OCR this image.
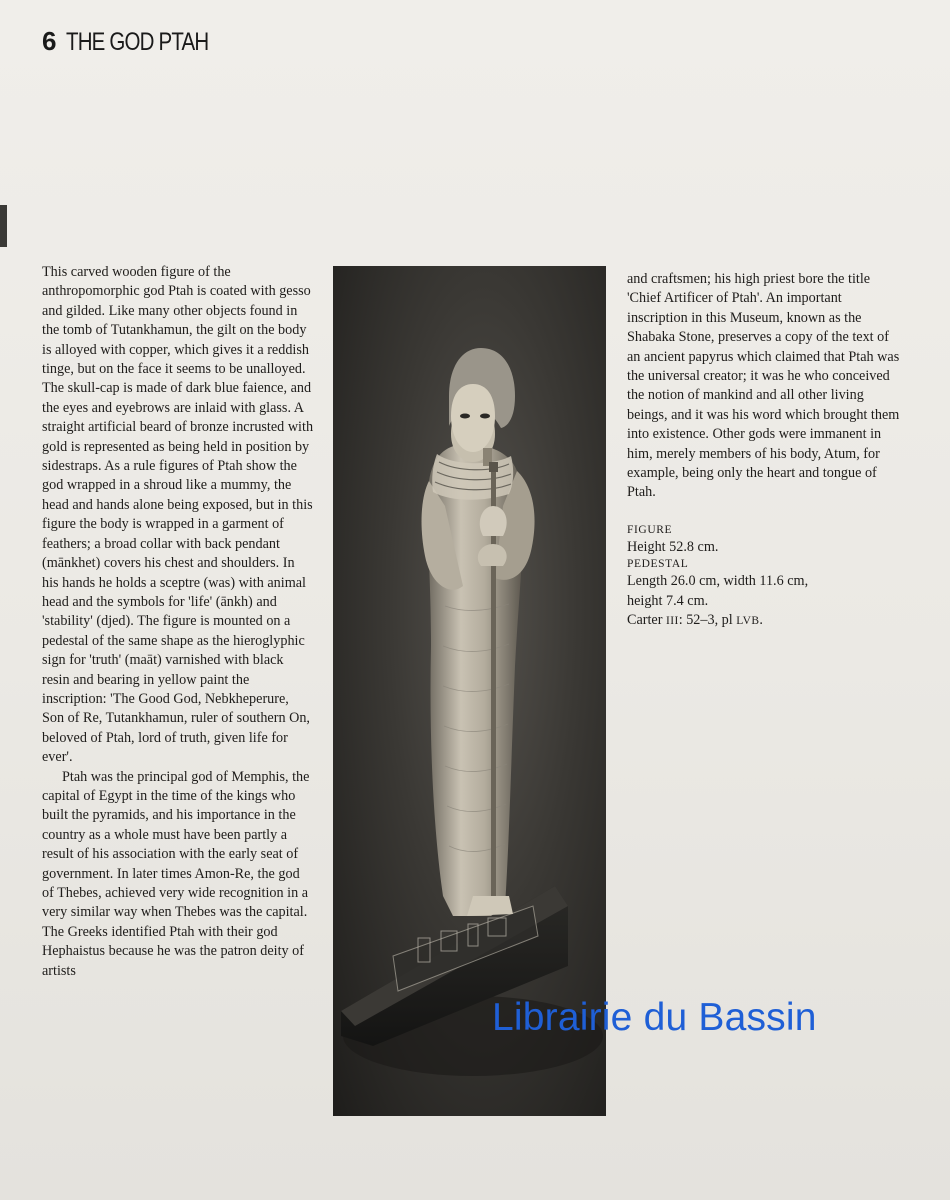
6 THE GOD PTAH

This carved wooden figure of the anthropomorphic god Ptah is coated with gesso and gilded. Like many other objects found in the tomb of Tutankhamun, the gilt on the body is alloyed with copper, which gives it a reddish tinge, but on the face it seems to be unalloyed. The skull-cap is made of dark blue faience, and the eyes and eyebrows are inlaid with glass. A straight artificial beard of bronze incrusted with gold is represented as being held in position by sidestraps. As a rule figures of Ptah show the god wrapped in a shroud like a mummy, the head and hands alone being exposed, but in this figure the body is wrapped in a garment of feathers; a broad collar with back pendant (mānkhet) covers his chest and shoulders. In his hands he holds a sceptre (was) with animal head and the symbols for 'life' (ānkh) and 'stability' (djed). The figure is mounted on a pedestal of the same shape as the hieroglyphic sign for 'truth' (maāt) varnished with black resin and bearing in yellow paint the inscription: 'The Good God, Nebkheperure, Son of Re, Tutankhamun, ruler of southern On, beloved of Ptah, lord of truth, given life for ever'.

Ptah was the principal god of Memphis, the capital of Egypt in the time of the kings who built the pyramids, and his importance in the country as a whole must have been partly a result of his association with the early seat of government. In later times Amon-Re, the god of Thebes, achieved very wide recognition in a very similar way when Thebes was the capital. The Greeks identified Ptah with their god Hephaistus because he was the patron deity of artists

and craftsmen; his high priest bore the title 'Chief Artificer of Ptah'. An important inscription in this Museum, known as the Shabaka Stone, preserves a copy of the text of an ancient papyrus which claimed that Ptah was the universal creator; it was he who conceived the notion of mankind and all other living beings, and it was his word which brought them into existence. Other gods were immanent in him, merely members of his body, Atum, for example, being only the heart and tongue of Ptah.

FIGURE

Height 52.8 cm.

PEDESTAL

Length 26.0 cm, width 11.6 cm,

height 7.4 cm.

Carter III: 52–3, pl LVB.

Librairie du Bassin
